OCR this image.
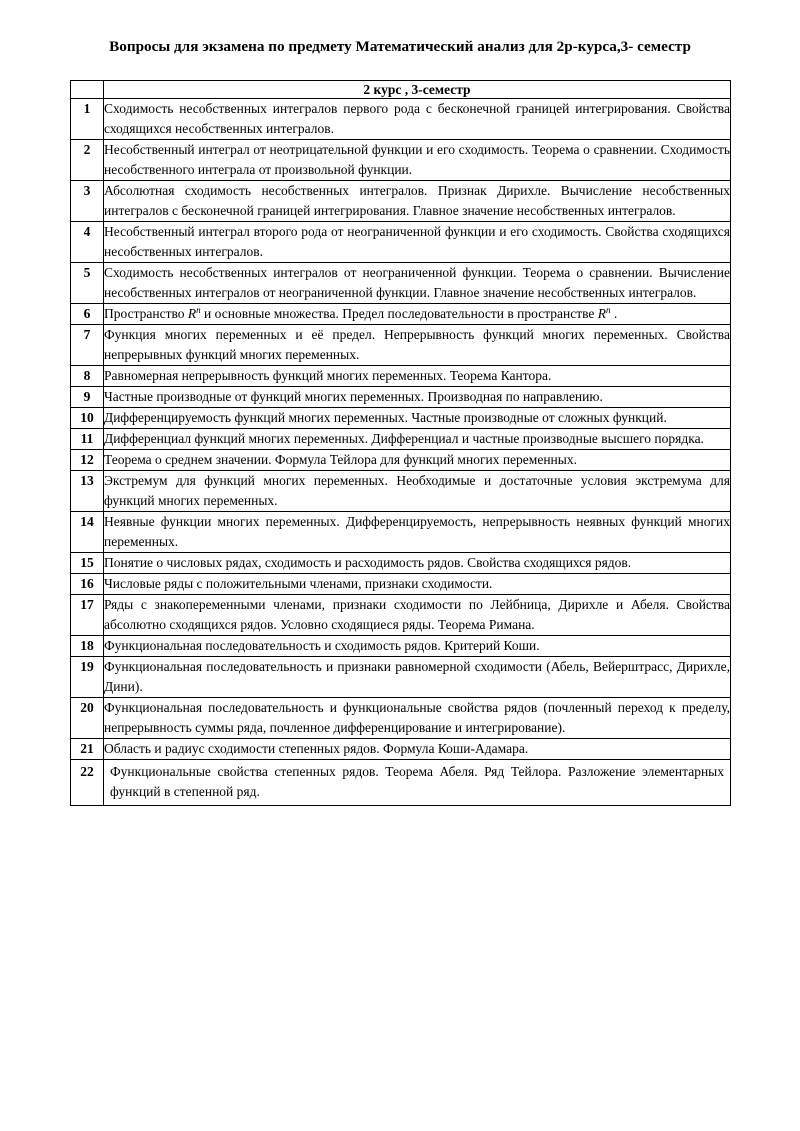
Вопросы для экзамена по предмету Математический анализ для 2р-курса,3- семестр
	2 курс , 3-семестр
1	Сходимость несобственных интегралов первого рода с бесконечной границей интегрирования. Свойства сходящихся несобственных интегралов.
2	Несобственный интеграл от неотрицательной функции и его сходимость. Теорема о сравнении. Сходимость несобственного интеграла от произвольной функции.
3	Абсолютная сходимость несобственных интегралов. Признак Дирихле. Вычисление несобственных интегралов с бесконечной границей интегрирования. Главное значение несобственных интегралов.
4	Несобственный интеграл второго рода от неограниченной функции и его сходимость. Свойства сходящихся несобственных интегралов.
5	Сходимость несобственных интегралов от неограниченной функции. Теорема о сравнении. Вычисление несобственных интегралов от неограниченной функции. Главное значение несобственных интегралов.
6	Пространство $R^n$ и основные множества. Предел последовательности в пространстве $R^n$ .
7	Функция многих переменных и её предел. Непрерывность функций многих переменных. Свойства непрерывных функций многих переменных.
8	Равномерная непрерывность функций многих переменных. Теорема Кантора.
9	Частные производные от функций многих переменных. Производная по направлению.
10	Дифференцируемость функций многих переменных. Частные производные от сложных функций.
11	Дифференциал функций многих переменных. Дифференциал и частные производные высшего порядка.
12	Теорема о среднем значении. Формула Тейлора для функций многих переменных.
13	Экстремум для функций многих переменных. Необходимые и достаточные условия экстремума для функций многих переменных.
14	Неявные функции многих переменных. Дифференцируемость, непрерывность неявных функций многих переменных.
15	Понятие о числовых рядах, сходимость и расходимость рядов. Свойства сходящихся рядов.
16	Числовые ряды с положительными членами, признаки сходимости.
17	Ряды с знакопеременными членами, признаки сходимости по Лейбница, Дирихле и Абеля. Свойства абсолютно сходящихся рядов. Условно сходящиеся ряды. Теорема Римана.
18	Функциональная последовательность и сходимость рядов. Критерий Коши.
19	Функциональная последовательность и признаки равномерной сходимости (Абель, Вейерштрасс, Дирихле, Дини).
20	Функциональная последовательность и функциональные свойства рядов (почленный переход к пределу, непрерывность суммы ряда, почленное дифференцирование и интегрирование).
21	Область и радиус сходимости степенных рядов. Формула Коши-Адамара.
22	Функциональные свойства степенных рядов. Теорема Абеля. Ряд Тейлора. Разложение элементарных функций в степенной ряд.
